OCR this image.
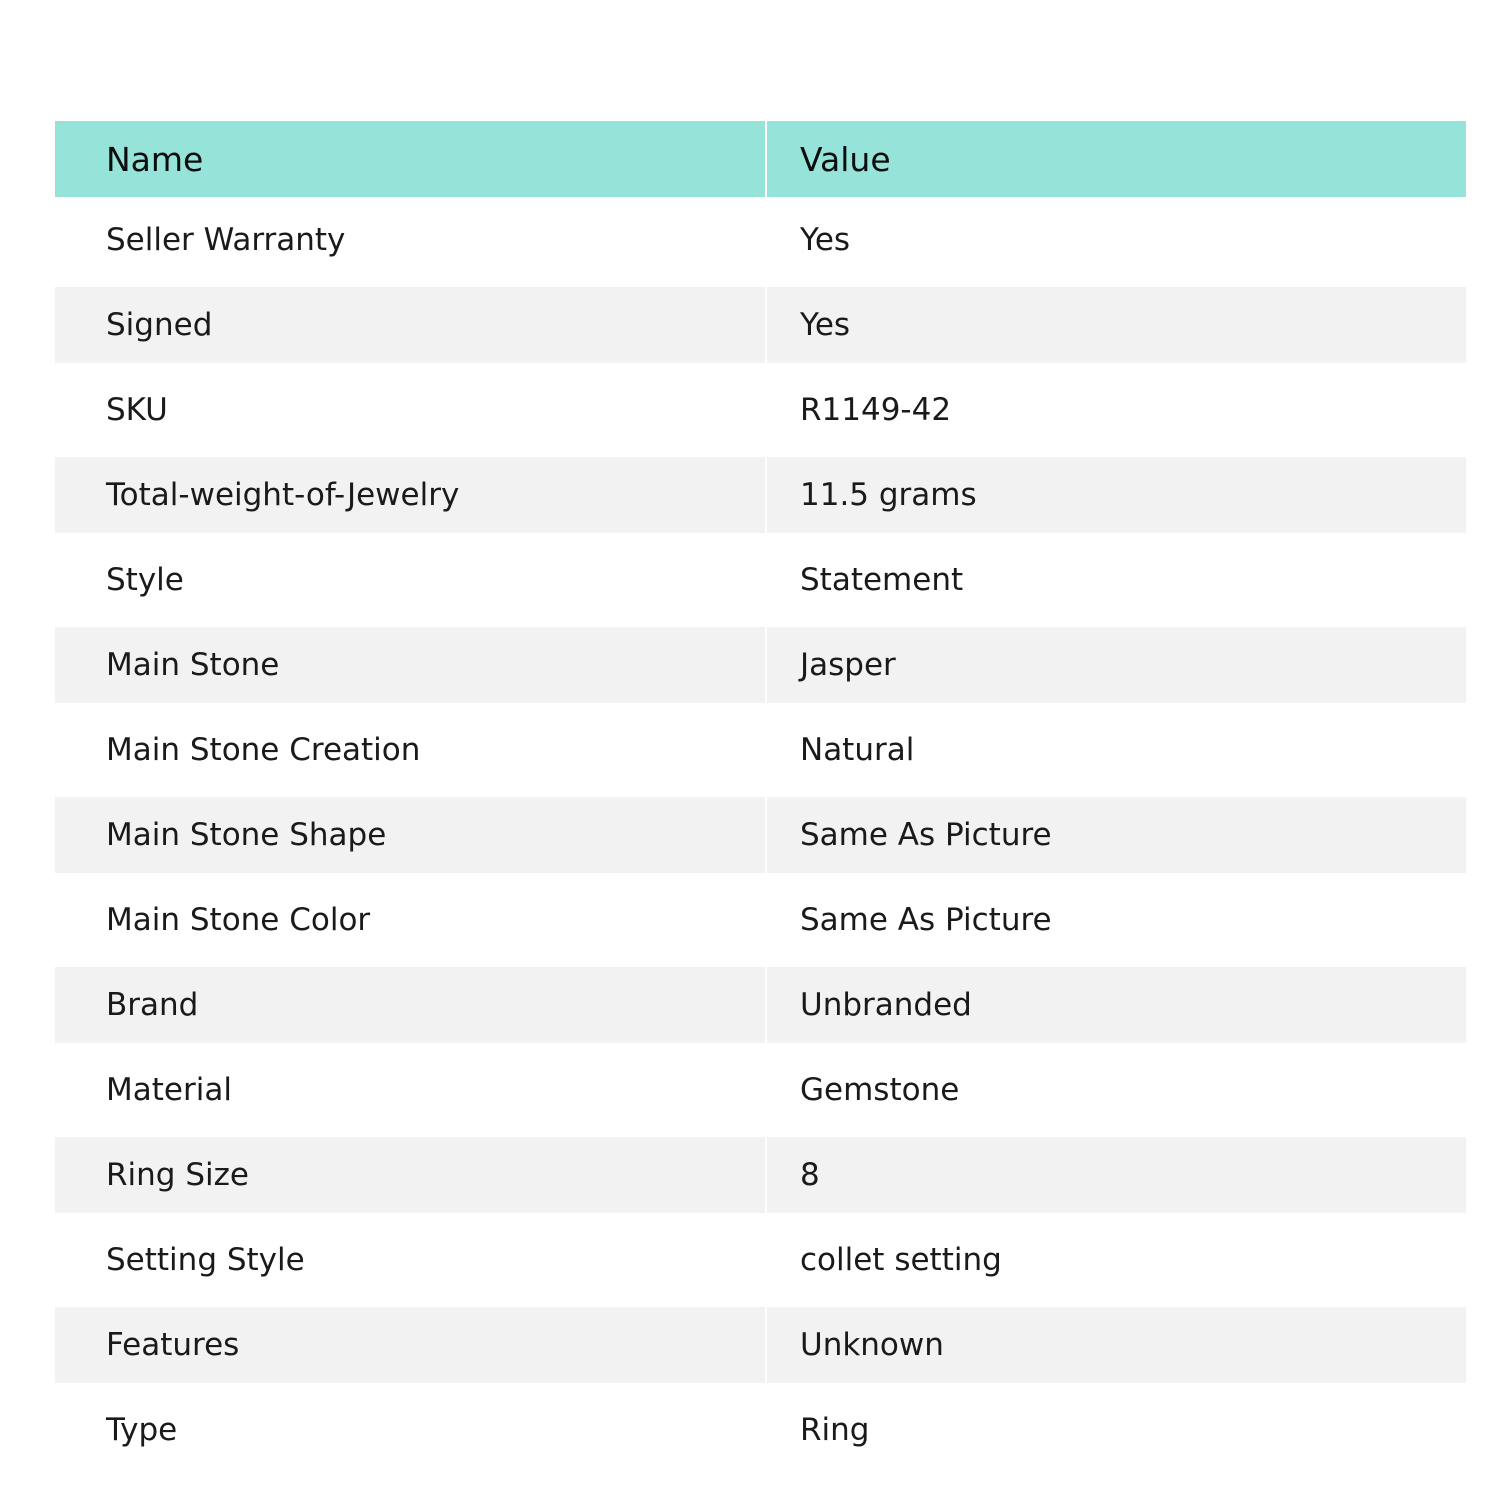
Name	Value
Seller Warranty	Yes
Signed	Yes
SKU	R1149-42
Total-weight-of-Jewelry	11.5 grams
Style	Statement
Main Stone	Jasper
Main Stone Creation	Natural
Main Stone Shape	Same As Picture
Main Stone Color	Same As Picture
Brand	Unbranded
Material	Gemstone
Ring Size	8
Setting Style	collet setting
Features	Unknown
Type	Ring
